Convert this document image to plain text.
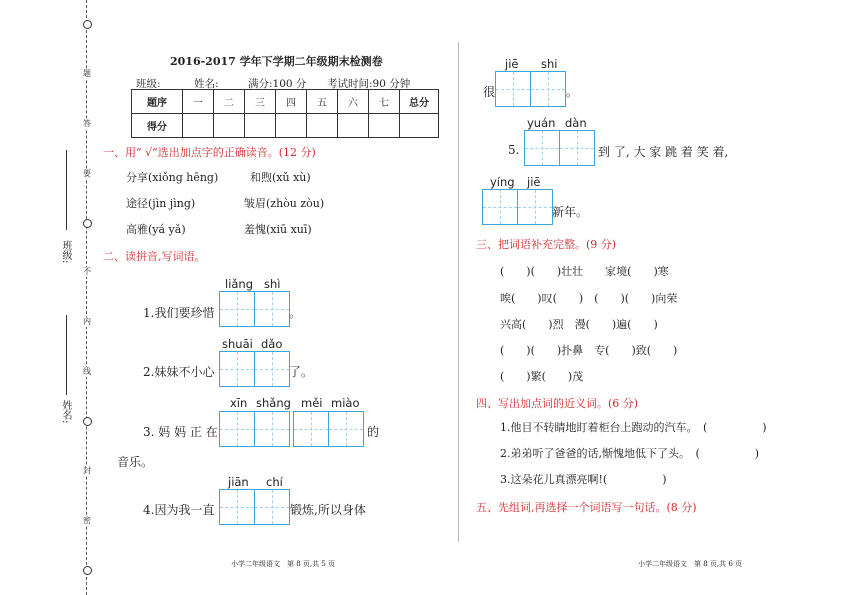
题
答
要
不
内
线
封
密
班级:
姓名:
2016-2017 学年下学期二年级期末检测卷
班级:	姓名:	满分:100 分 考试时间:90 分钟
题序	一	二	三	四	五	六	七	总分
得分								
一、用“ √”选出加点字的正确读音。(12 分)
分享(xiǒng hēng)	和煦(xǔ xù)
途径(jìn jìng)	皱眉(zhòu zòu)
高雅(yá yǎ)	羞愧(xiū xuī)
二、读拼音,写词语。
liǎng shì
1.我们要珍惜	。
shuāi dǎo
2.妹妹不小心	了。
xīn shǎng měi miào
3. 妈 妈 正 在	的
音乐。
jiān chí
4.因为我一直	锻炼,所以身体
jiē shi
很	。
yuán dàn
5.	到 了, 大 家 跳 着 笑 着,
yíng jiē
新年。
三、把词语补充完整。(9 分)
(　　)(　　)壮壮　　家境(　　)寒
唉(　　)叹(　　)　(　　)(　　)向荣
兴高(　　)烈　漫(　　)遍(　　)
(　　)(　　)扑鼻　专(　　)致(　　)
(　　)繁(　　)茂
四、写出加点词的近义词。(6 分)
1.他目不转睛地盯着柜台上跑动的汽车。　(　　　　　)
2.弟弟听了爸爸的话,惭愧地低下了头。　(　　　　　)
3.这朵花儿真漂亮啊!(　　　　　)
五、先组词,再选择一个词语写一句话。(8 分)
小学二年级语文　第 8 页,共 5 页	小学二年级语文　第 8 页,共 6 页
